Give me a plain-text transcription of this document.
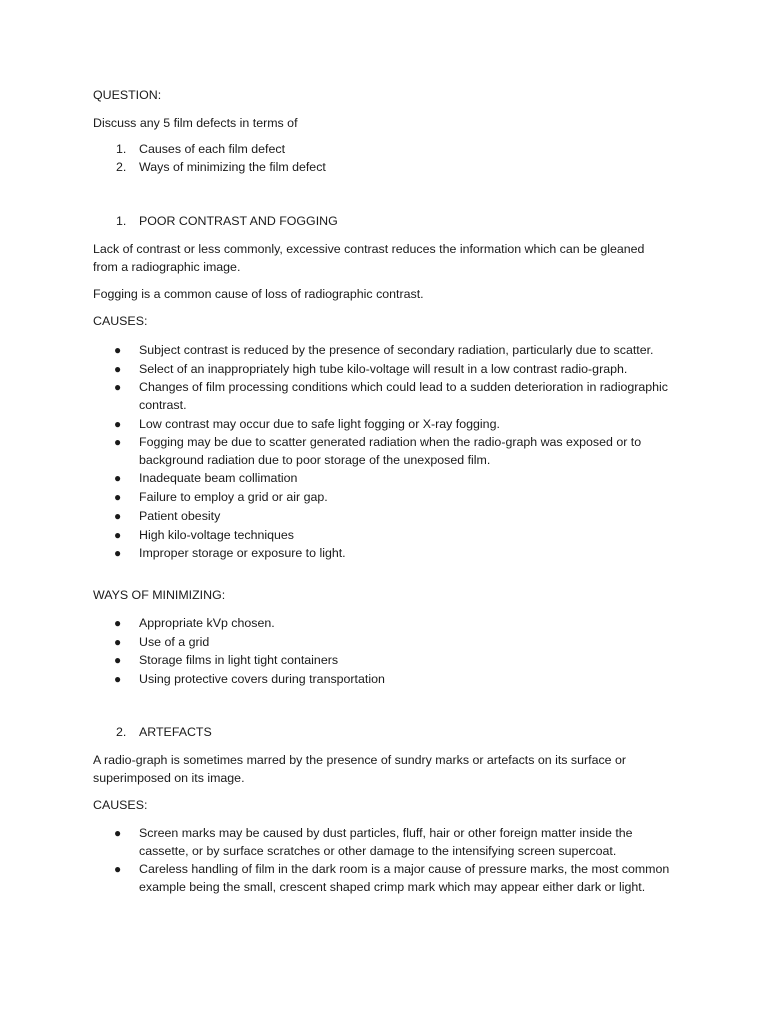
QUESTION:
Discuss any 5 film defects in terms of
1. Causes of each film defect
2. Ways of minimizing the film defect
1. POOR CONTRAST AND FOGGING
Lack of contrast or less commonly, excessive contrast reduces the information which can be gleaned
from a radiographic image.
Fogging is a common cause of loss of radiographic contrast.
CAUSES:
● Subject contrast is reduced by the presence of secondary radiation, particularly due to scatter.
● Select of an inappropriately high tube kilo-voltage will result in a low contrast radio-graph.
● Changes of film processing conditions which could lead to a sudden deterioration in radiographic contrast.
● Low contrast may occur due to safe light fogging or X-ray fogging.
● Fogging may be due to scatter generated radiation when the radio-graph was exposed or to background radiation due to poor storage of the unexposed film.
● Inadequate beam collimation
● Failure to employ a grid or air gap.
● Patient obesity
● High kilo-voltage techniques
● Improper storage or exposure to light.
WAYS OF MINIMIZING:
● Appropriate kVp chosen.
● Use of a grid
● Storage films in light tight containers
● Using protective covers during transportation
2. ARTEFACTS
A radio-graph is sometimes marred by the presence of sundry marks or artefacts on its surface or
superimposed on its image.
CAUSES:
● Screen marks may be caused by dust particles, fluff, hair or other foreign matter inside the cassette, or by surface scratches or other damage to the intensifying screen supercoat.
● Careless handling of film in the dark room is a major cause of pressure marks, the most common example being the small, crescent shaped crimp mark which may appear either dark or light.
